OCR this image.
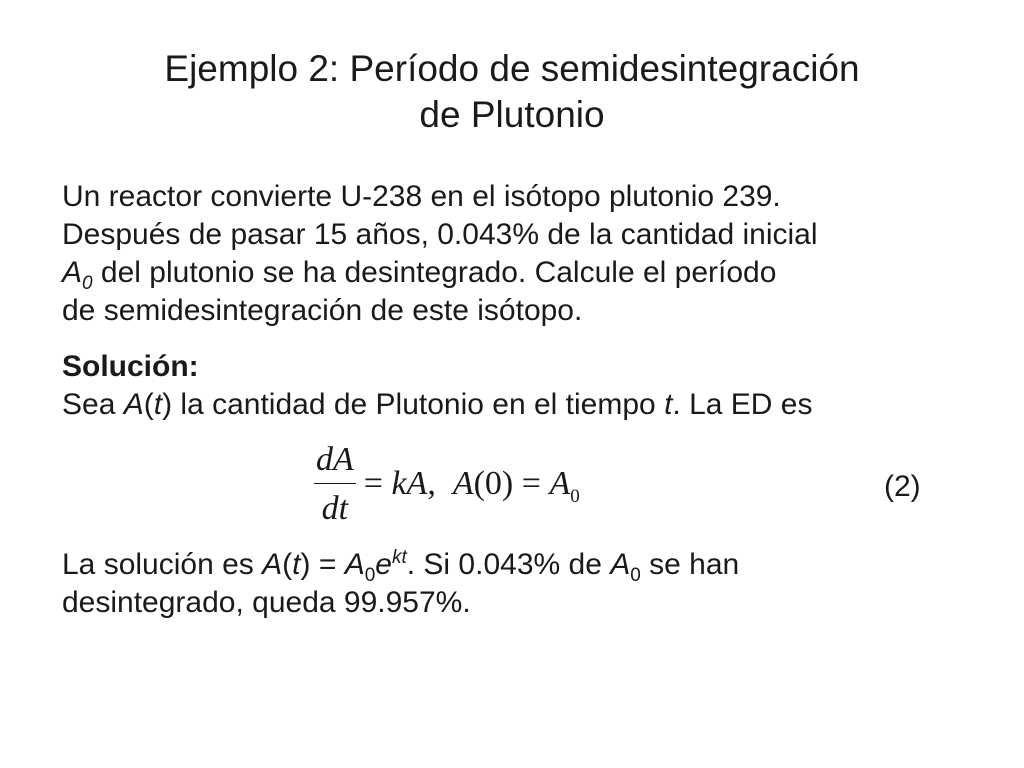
Ejemplo 2: Período de semidesintegración
de Plutonio
Un reactor convierte U-238 en el isótopo plutonio 239.
Después de pasar 15 años, 0.043% de la cantidad inicial
$A_0$ del plutonio se ha desintegrado. Calcule el período
de semidesintegración de este isótopo.
Solución:
Sea A(t) la cantidad de Plutonio en el tiempo t. La ED es
$\frac{dA}{dt}$ = kA,  $A(0) = A_0$	(2)
La solución es $A(t) = A_0e^{kt}$. Si 0.043% de $A_0$ se han
desintegrado, queda 99.957%.
